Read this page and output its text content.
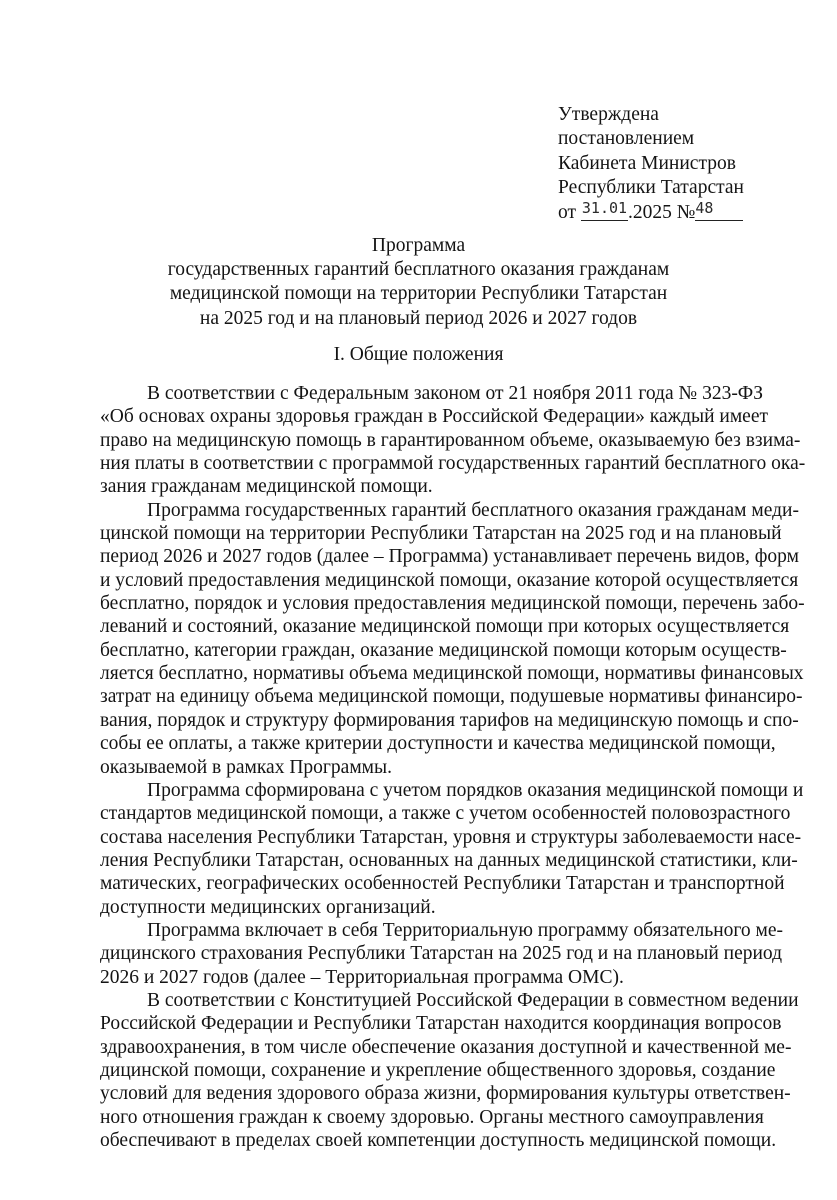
Утверждена
постановлением
Кабинета Министров
Республики Татарстан
от $^{31.01}$.2025 №$^{48}$
Программа
государственных гарантий бесплатного оказания гражданам
медицинской помощи на территории Республики Татарстан
на 2025 год и на плановый период 2026 и 2027 годов
I. Общие положения
В соответствии с Федеральным законом от 21 ноября 2011 года № 323-ФЗ
«Об основах охраны здоровья граждан в Российской Федерации» каждый имеет
право на медицинскую помощь в гарантированном объеме, оказываемую без взима-
ния платы в соответствии с программой государственных гарантий бесплатного ока-
зания гражданам медицинской помощи.
Программа государственных гарантий бесплатного оказания гражданам меди-
цинской помощи на территории Республики Татарстан на 2025 год и на плановый
период 2026 и 2027 годов (далее – Программа) устанавливает перечень видов, форм
и условий предоставления медицинской помощи, оказание которой осуществляется
бесплатно, порядок и условия предоставления медицинской помощи, перечень забо-
леваний и состояний, оказание медицинской помощи при которых осуществляется
бесплатно, категории граждан, оказание медицинской помощи которым осуществ-
ляется бесплатно, нормативы объема медицинской помощи, нормативы финансовых
затрат на единицу объема медицинской помощи, подушевые нормативы финансиро-
вания, порядок и структуру формирования тарифов на медицинскую помощь и спо-
собы ее оплаты, а также критерии доступности и качества медицинской помощи,
оказываемой в рамках Программы.
Программа сформирована с учетом порядков оказания медицинской помощи и
стандартов медицинской помощи, а также с учетом особенностей половозрастного
состава населения Республики Татарстан, уровня и структуры заболеваемости насе-
ления Республики Татарстан, основанных на данных медицинской статистики, кли-
матических, географических особенностей Республики Татарстан и транспортной
доступности медицинских организаций.
Программа включает в себя Территориальную программу обязательного ме-
дицинского страхования Республики Татарстан на 2025 год и на плановый период
2026 и 2027 годов (далее – Территориальная программа ОМС).
В соответствии с Конституцией Российской Федерации в совместном ведении
Российской Федерации и Республики Татарстан находится координация вопросов
здравоохранения, в том числе обеспечение оказания доступной и качественной ме-
дицинской помощи, сохранение и укрепление общественного здоровья, создание
условий для ведения здорового образа жизни, формирования культуры ответствен-
ного отношения граждан к своему здоровью. Органы местного самоуправления
обеспечивают в пределах своей компетенции доступность медицинской помощи.
